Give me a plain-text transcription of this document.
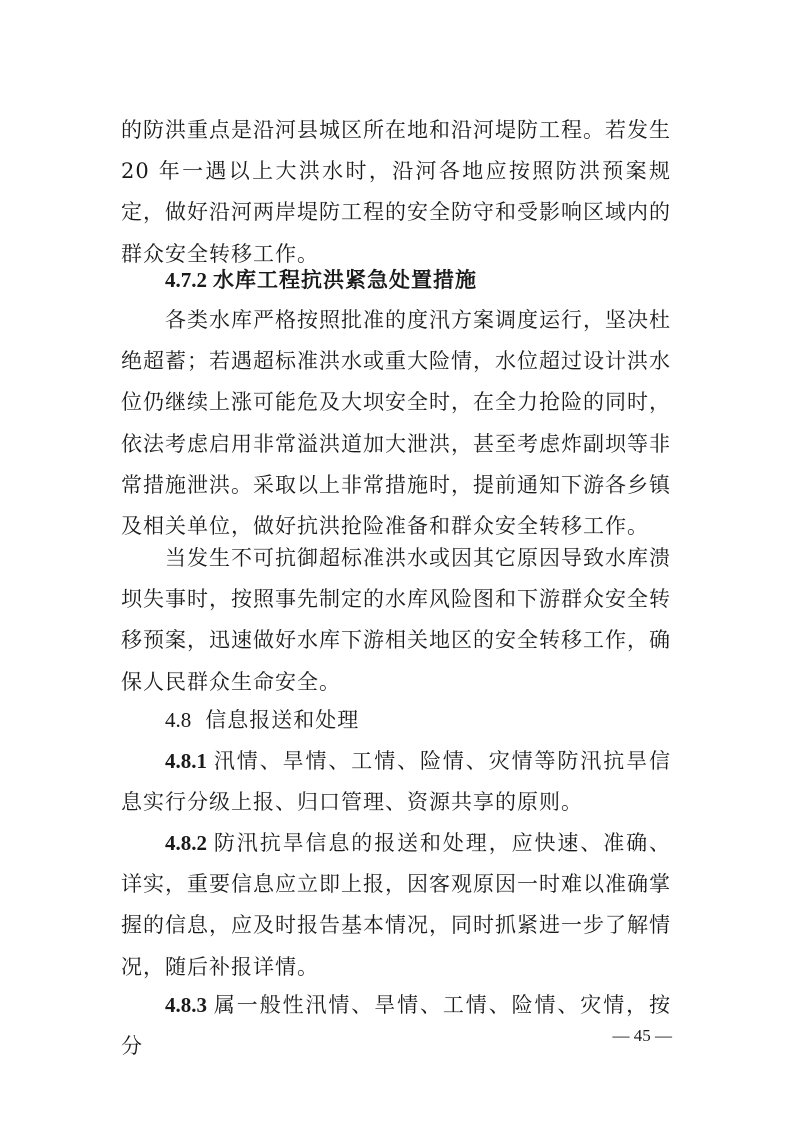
的防洪重点是沿河县城区所在地和沿河堤防工程。若发生 20 年一遇以上大洪水时，沿河各地应按照防洪预案规定，做好沿河两岸堤防工程的安全防守和受影响区域内的群众安全转移工作。
4.7.2 水库工程抗洪紧急处置措施
各类水库严格按照批准的度汛方案调度运行，坚决杜绝超蓄；若遇超标准洪水或重大险情，水位超过设计洪水位仍继续上涨可能危及大坝安全时，在全力抢险的同时，依法考虑启用非常溢洪道加大泄洪，甚至考虑炸副坝等非常措施泄洪。采取以上非常措施时，提前通知下游各乡镇及相关单位，做好抗洪抢险准备和群众安全转移工作。
当发生不可抗御超标准洪水或因其它原因导致水库溃坝失事时，按照事先制定的水库风险图和下游群众安全转移预案，迅速做好水库下游相关地区的安全转移工作，确保人民群众生命安全。
4.8 信息报送和处理
4.8.1 汛情、旱情、工情、险情、灾情等防汛抗旱信息实行分级上报、归口管理、资源共享的原则。
4.8.2 防汛抗旱信息的报送和处理，应快速、准确、详实，重要信息应立即上报，因客观原因一时难以准确掌握的信息，应及时报告基本情况，同时抓紧进一步了解情况，随后补报详情。
4.8.3 属一般性汛情、旱情、工情、险情、灾情，按分	— 45 —
